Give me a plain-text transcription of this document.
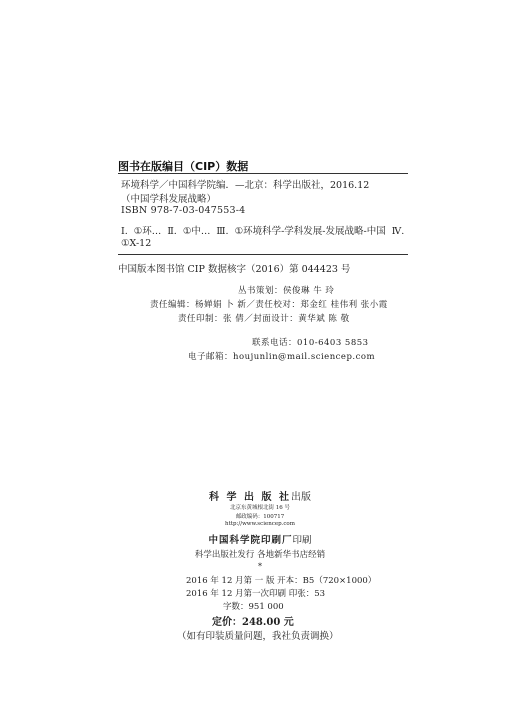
图书在版编目（CIP）数据
环境科学／中国科学院编．—北京：科学出版社，2016.12
（中国学科发展战略）
ISBN 978-7-03-047553-4
Ⅰ. ①环… Ⅱ. ①中… Ⅲ. ①环境科学-学科发展-发展战略-中国 Ⅳ.
①X-12
中国版本图书馆 CIP 数据核字（2016）第 044423 号
丛书策划：侯俊琳 牛 玲
责任编辑：杨婵娟 卜 新／责任校对：郑金红 桂伟利 张小霞
责任印制：张 倩／封面设计：黄华斌 陈 敬
联系电话：010-6403 5853
电子邮箱：houjunlin@mail.sciencep.com
科 学 出 版 社出版
北京东黄城根北街 16 号
邮政编码：100717
http://www.sciencep.com
中国科学院印刷厂印刷
科学出版社发行 各地新华书店经销
*
2016 年 12 月第 一 版 开本：B5（720×1000）
2016 年 12 月第一次印刷 印张：53
字数：951 000
定价：248.00 元
（如有印装质量问题，我社负责调换）
